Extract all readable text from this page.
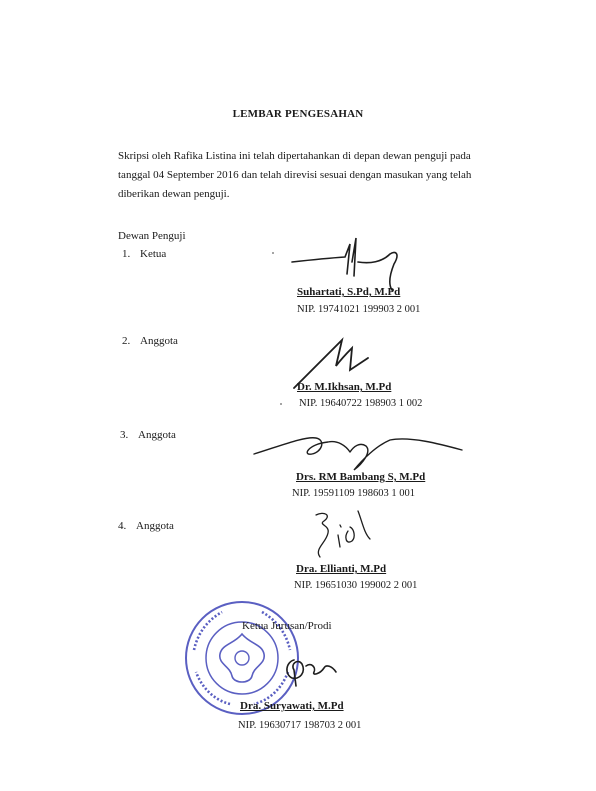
LEMBAR PENGESAHAN
Skripsi oleh Rafika Listina ini telah dipertahankan di depan dewan penguji pada
tanggal 04 September 2016 dan telah direvisi sesuai dengan masukan yang telah
diberikan dewan penguji.
Dewan Penguji
1. Ketua
Suhartati, S.Pd, M.Pd
NIP. 19741021 199903 2 001
2. Anggota
Dr. M.Ikhsan, M.Pd
NIP. 19640722 198903 1 002
3. Anggota
Drs. RM Bambang S, M.Pd
NIP. 19591109 198603 1 001
4. Anggota
Dra. Ellianti, M.Pd
NIP. 19651030 199002 2 001
Ketua Jurusan/Prodi
Dra. Suryawati, M.Pd
NIP. 19630717 198703 2 001
